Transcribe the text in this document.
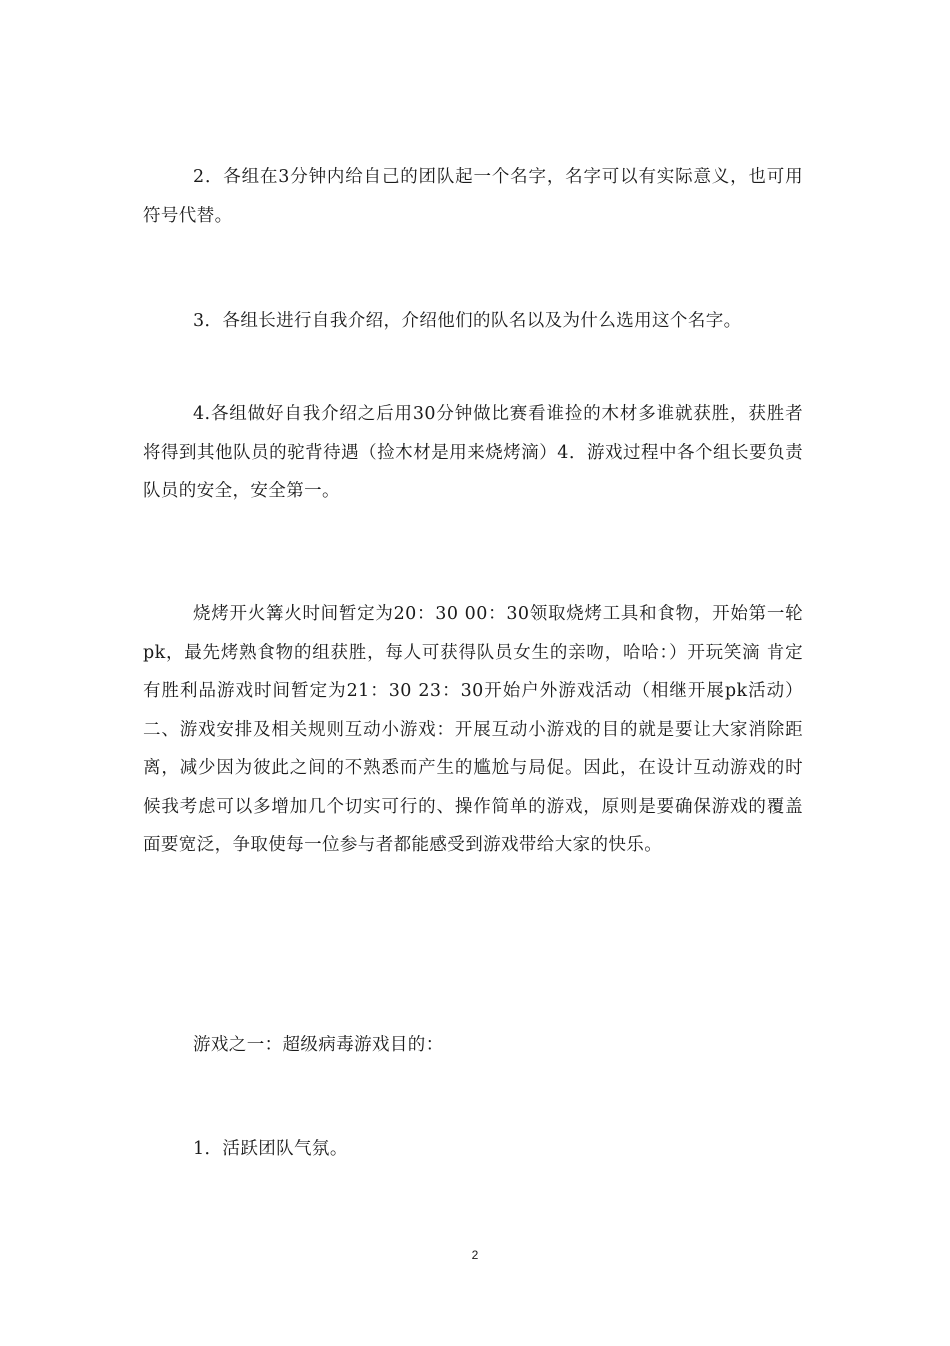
2．各组在3分钟内给自己的团队起一个名字，名字可以有实际意义，也可用符号代替。

3．各组长进行自我介绍，介绍他们的队名以及为什么选用这个名字。

4.各组做好自我介绍之后用30分钟做比赛看谁捡的木材多谁就获胜，获胜者将得到其他队员的驼背待遇（捡木材是用来烧烤滴）4．游戏过程中各个组长要负责队员的安全，安全第一。

烧烤开火篝火时间暂定为20：30 00：30领取烧烤工具和食物，开始第一轮pk，最先烤熟食物的组获胜，每人可获得队员女生的亲吻，哈哈：）开玩笑滴 肯定有胜利品游戏时间暂定为21：30 23：30开始户外游戏活动（相继开展pk活动）二、游戏安排及相关规则互动小游戏：开展互动小游戏的目的就是要让大家消除距离，减少因为彼此之间的不熟悉而产生的尴尬与局促。因此，在设计互动游戏的时候我考虑可以多增加几个切实可行的、操作简单的游戏，原则是要确保游戏的覆盖面要宽泛，争取使每一位参与者都能感受到游戏带给大家的快乐。

游戏之一：超级病毒游戏目的：

1．活跃团队气氛。

2
